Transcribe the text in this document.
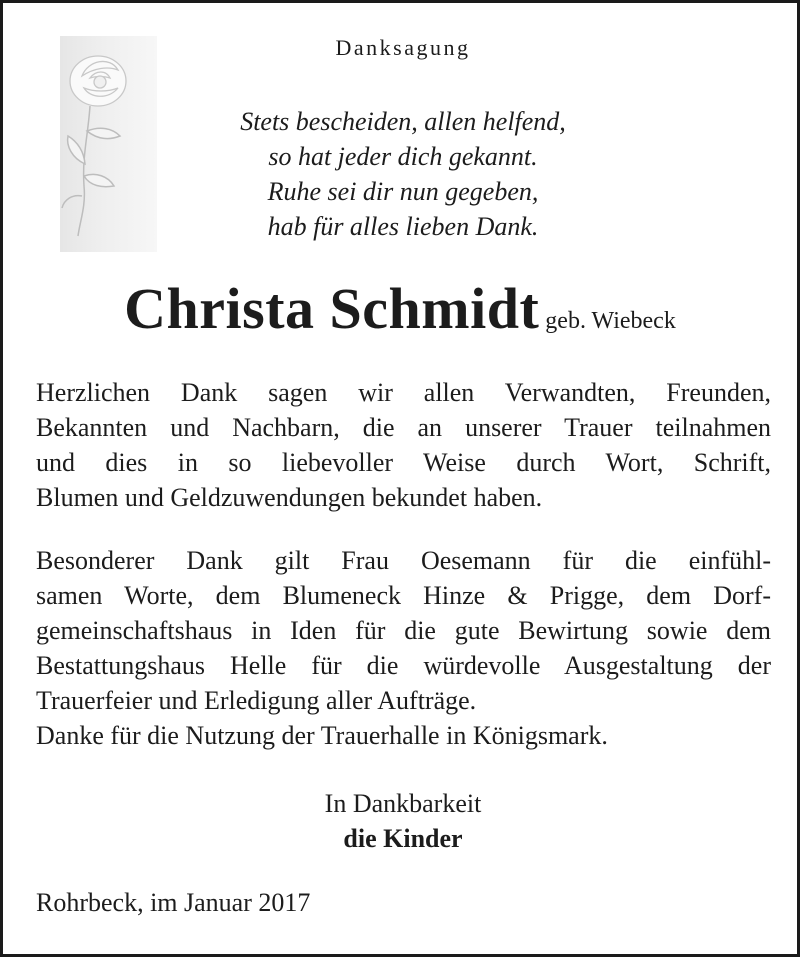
Danksagung
Stets bescheiden, allen helfend,
so hat jeder dich gekannt.
Ruhe sei dir nun gegeben,
hab für alles lieben Dank.
Christa Schmidt geb. Wiebeck
Herzlichen Dank sagen wir allen Verwandten, Freunden,
Bekannten und Nachbarn, die an unserer Trauer teilnahmen
und dies in so liebevoller Weise durch Wort, Schrift,
Blumen und Geldzuwendungen bekundet haben.
Besonderer Dank gilt Frau Oesemann für die einfühl-
samen Worte, dem Blumeneck Hinze & Prigge, dem Dorf-
gemeinschaftshaus in Iden für die gute Bewirtung sowie dem
Bestattungshaus Helle für die würdevolle Ausgestaltung der
Trauerfeier und Erledigung aller Aufträge.
Danke für die Nutzung der Trauerhalle in Königsmark.
In Dankbarkeit
die Kinder
Rohrbeck, im Januar 2017
